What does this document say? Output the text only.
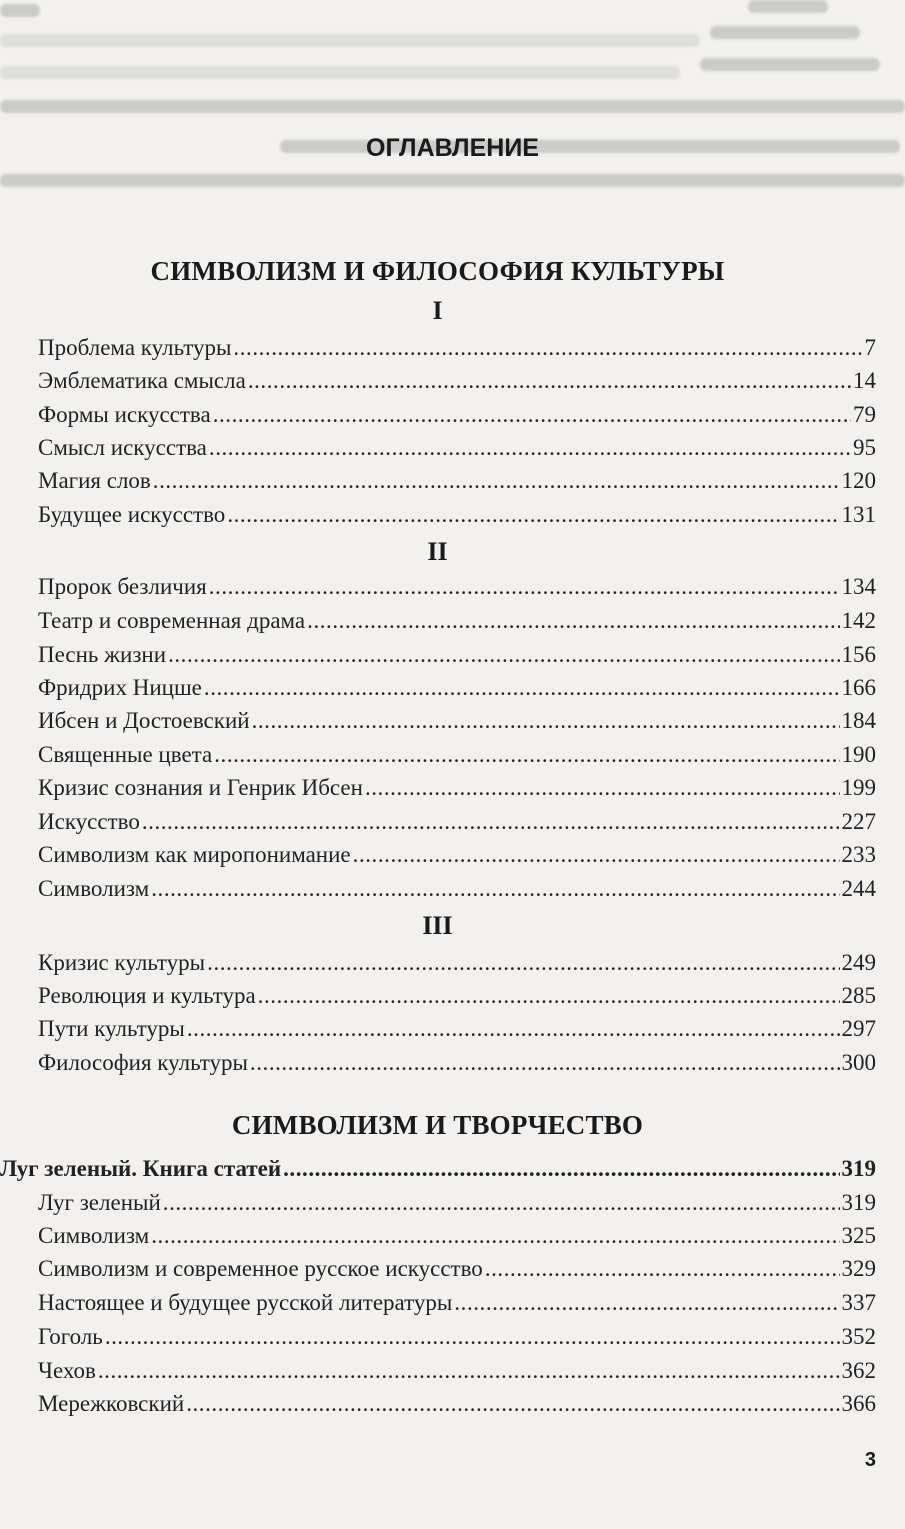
ОГЛАВЛЕНИЕ
СИМВОЛИЗМ И ФИЛОСОФИЯ КУЛЬТУРЫ
I
Проблема культуры . . .	7
Эмблематика смысла . . .	14
Формы искусства . . .	79
Смысл искусства . . .	95
Магия слов . . .	120
Будущее искусство . . .	131
II
Пророк безличия . . .	134
Театр и современная драма . . .	142
Песнь жизни . . .	156
Фридрих Ницше . . .	166
Ибсен и Достоевский . . .	184
Священные цвета . . .	190
Кризис сознания и Генрик Ибсен . . .	199
Искусство . . .	227
Символизм как миропонимание . . .	233
Символизм . . .	244
III
Кризис культуры . . .	249
Революция и культура . . .	285
Пути культуры . . .	297
Философия культуры . . .	300
СИМВОЛИЗМ И ТВОРЧЕСТВО
Луг зеленый. Книга статей . . .	319
Луг зеленый . . .	319
Символизм . . .	325
Символизм и современное русское искусство . . .	329
Настоящее и будущее русской литературы . . .	337
Гоголь . . .	352
Чехов . . .	362
Мережковский . . .	366
3
